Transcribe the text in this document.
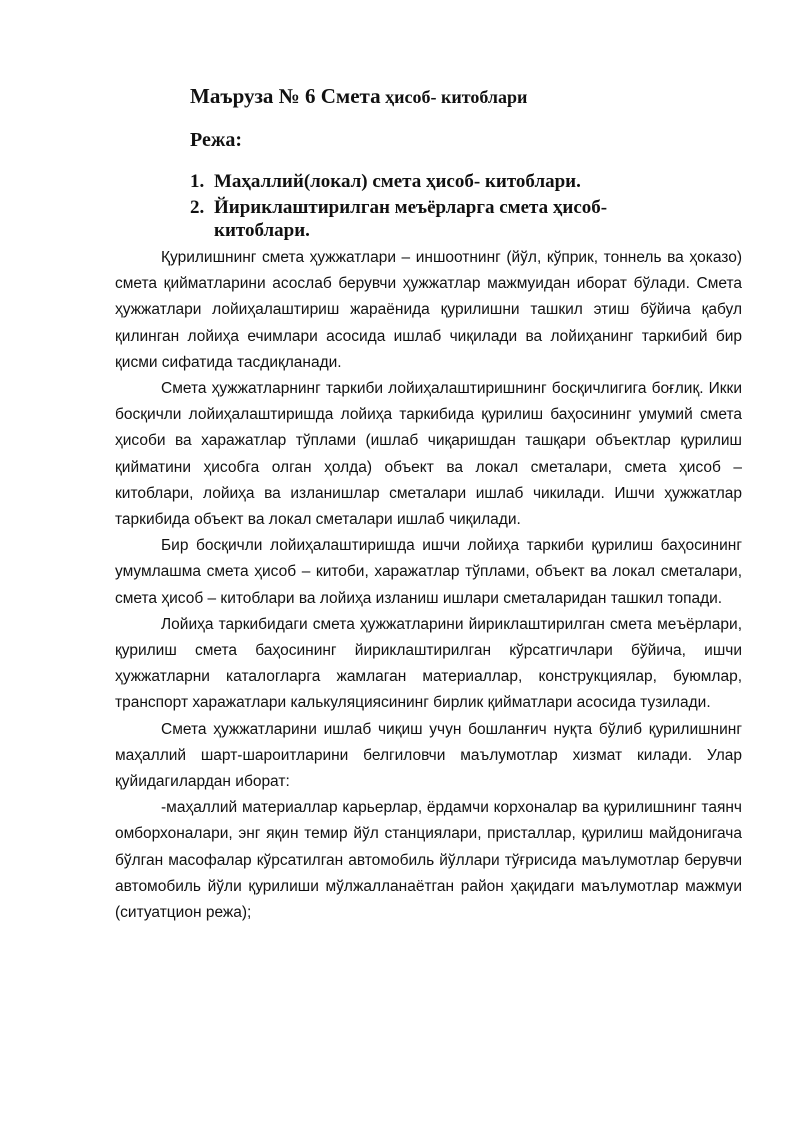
Маъруза № 6 Смета ҳисоб- китоблари
Режа:
1. Маҳаллий(локал) смета ҳисоб- китоблари.
2. Йириклаштирилган меъёрларга смета ҳисоб-китоблари.

Қурилишнинг смета ҳужжатлари – иншоотнинг (йўл, кўприк, тоннель ва ҳоказо) смета қийматларини асослаб берувчи ҳужжатлар мажмуидан иборат бўлади. Смета ҳужжатлари лойиҳалаштириш жараёнида қурилишни ташкил этиш бўйича қабул қилинган лойиҳа ечимлари асосида ишлаб чиқилади ва лойиҳанинг таркибий бир қисми сифатида тасдиқланади.

Смета ҳужжатларнинг таркиби лойиҳалаштиришнинг босқичлигига боғлиқ. Икки босқичли лойиҳалаштиришда лойиҳа таркибида қурилиш баҳосининг умумий смета ҳисоби ва харажатлар тўплами (ишлаб чиқаришдан ташқари объектлар қурилиш қийматини ҳисобга олган ҳолда) объект ва локал сметалари, смета ҳисоб – китоблари, лойиҳа ва изланишлар сметалари ишлаб чикилади. Ишчи ҳужжатлар таркибида объект ва локал сметалари ишлаб чиқилади.

Бир босқичли лойиҳалаштиришда ишчи лойиҳа таркиби қурилиш баҳосининг умумлашма смета ҳисоб – китоби, харажатлар тўплами, объект ва локал сметалари, смета ҳисоб – китоблари ва лойиҳа изланиш ишлари сметаларидан ташкил топади.

Лойиҳа таркибидаги смета ҳужжатларини йириклаштирилган смета меъёрлари, қурилиш смета баҳосининг йириклаштирилган кўрсатгичлари бўйича, ишчи ҳужжатларни каталогларга жамлаган материаллар, конструкциялар, буюмлар, транспорт харажатлари калькуляциясининг бирлик қийматлари асосида тузилади.

Смета ҳужжатларини ишлаб чиқиш учун бошланғич нуқта бўлиб қурилишнинг маҳаллий шарт-шароитларини белгиловчи маълумотлар хизмат килади. Улар қуйидагилардан иборат:

-маҳаллий материаллар карьерлар, ёрдамчи корхоналар ва қурилишнинг таянч омборхоналари, энг яқин темир йўл станциялари, присталлар, қурилиш майдонигача бўлган масофалар кўрсатилган автомобиль йўллари тўғрисида маълумотлар берувчи автомобиль йўли қурилиши мўлжалланаётган район ҳақидаги маълумотлар мажмуи (ситуатцион режа);
